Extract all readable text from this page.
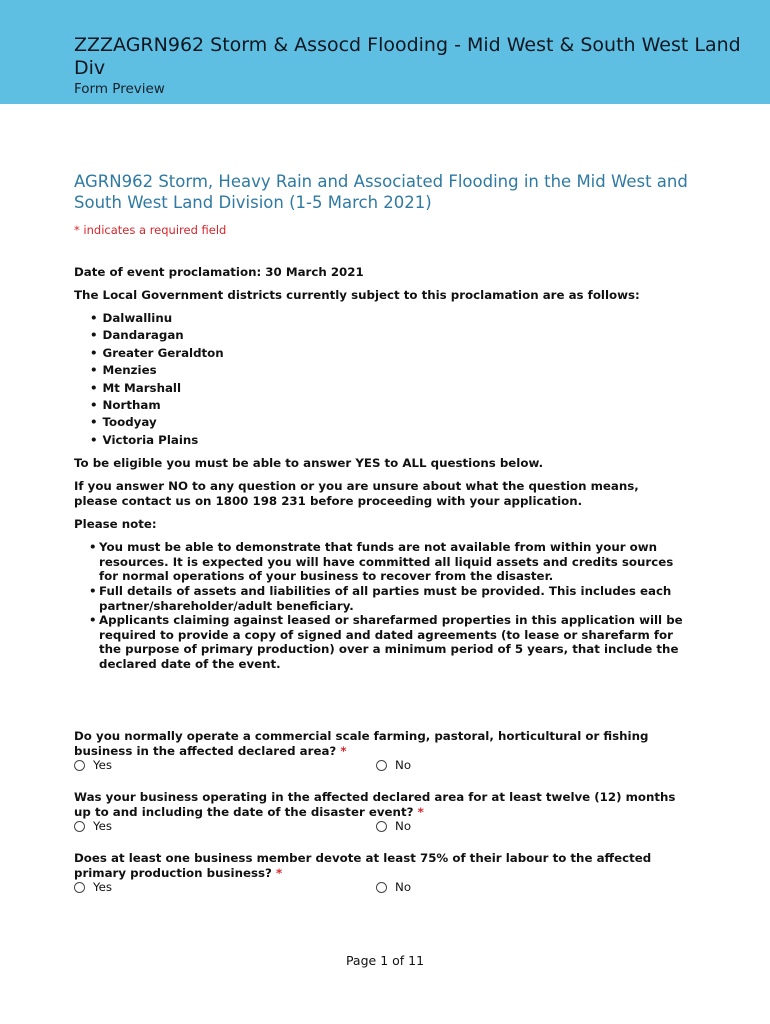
ZZZAGRN962 Storm & Assocd Flooding - Mid West & South West Land Div
Form Preview
AGRN962 Storm, Heavy Rain and Associated Flooding in the Mid West and South West Land Division (1-5 March 2021)
* indicates a required field

Date of event proclamation: 30 March 2021

The Local Government districts currently subject to this proclamation are as follows:

• Dalwallinu
• Dandaragan
• Greater Geraldton
• Menzies
• Mt Marshall
• Northam
• Toodyay
• Victoria Plains

To be eligible you must be able to answer YES to ALL questions below.

If you answer NO to any question or you are unsure about what the question means, please contact us on 1800 198 231 before proceeding with your application.

Please note:

• You must be able to demonstrate that funds are not available from within your own resources. It is expected you will have committed all liquid assets and credits sources for normal operations of your business to recover from the disaster.
• Full details of assets and liabilities of all parties must be provided. This includes each partner/shareholder/adult beneficiary.
• Applicants claiming against leased or sharefarmed properties in this application will be required to provide a copy of signed and dated agreements (to lease or sharefarm for the purpose of primary production) over a minimum period of 5 years, that include the declared date of the event.
Do you normally operate a commercial scale farming, pastoral, horticultural or fishing business in the affected declared area? *
Yes	No
Was your business operating in the affected declared area for at least twelve (12) months up to and including the date of the disaster event? *
Yes	No
Does at least one business member devote at least 75% of their labour to the affected primary production business? *
Yes	No
Page 1 of 11
